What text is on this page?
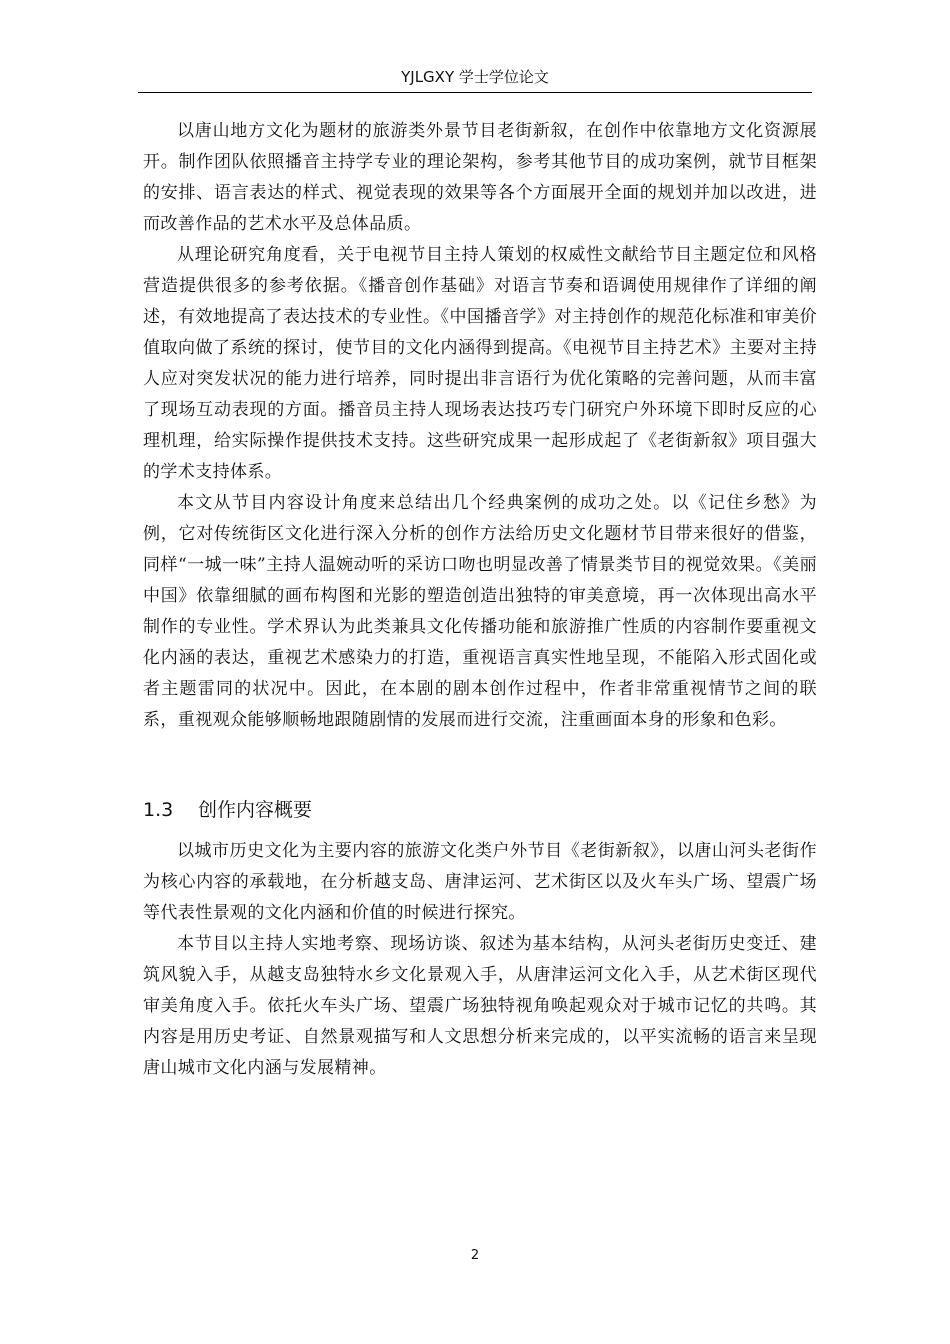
YJLGXY 学士学位论文

以唐山地方文化为题材的旅游类外景节目老街新叙，在创作中依靠地方文化资源展开。制作团队依照播音主持学专业的理论架构，参考其他节目的成功案例，就节目框架的安排、语言表达的样式、视觉表现的效果等各个方面展开全面的规划并加以改进，进而改善作品的艺术水平及总体品质。

从理论研究角度看，关于电视节目主持人策划的权威性文献给节目主题定位和风格营造提供很多的参考依据。《播音创作基础》对语言节奏和语调使用规律作了详细的阐述，有效地提高了表达技术的专业性。《中国播音学》对主持创作的规范化标准和审美价值取向做了系统的探讨，使节目的文化内涵得到提高。《电视节目主持艺术》主要对主持人应对突发状况的能力进行培养，同时提出非言语行为优化策略的完善问题，从而丰富了现场互动表现的方面。播音员主持人现场表达技巧专门研究户外环境下即时反应的心理机理，给实际操作提供技术支持。这些研究成果一起形成起了《老街新叙》项目强大的学术支持体系。

本文从节目内容设计角度来总结出几个经典案例的成功之处。以《记住乡愁》为例，它对传统街区文化进行深入分析的创作方法给历史文化题材节目带来很好的借鉴，同样“一城一味”主持人温婉动听的采访口吻也明显改善了情景类节目的视觉效果。《美丽中国》依靠细腻的画布构图和光影的塑造创造出独特的审美意境，再一次体现出高水平制作的专业性。学术界认为此类兼具文化传播功能和旅游推广性质的内容制作要重视文化内涵的表达，重视艺术感染力的打造，重视语言真实性地呈现，不能陷入形式固化或者主题雷同的状况中。因此，在本剧的剧本创作过程中，作者非常重视情节之间的联系，重视观众能够顺畅地跟随剧情的发展而进行交流，注重画面本身的形象和色彩。

1.3 创作内容概要

以城市历史文化为主要内容的旅游文化类户外节目《老街新叙》，以唐山河头老街作为核心内容的承载地，在分析越支岛、唐津运河、艺术街区以及火车头广场、望震广场等代表性景观的文化内涵和价值的时候进行探究。

本节目以主持人实地考察、现场访谈、叙述为基本结构，从河头老街历史变迁、建筑风貌入手，从越支岛独特水乡文化景观入手，从唐津运河文化入手，从艺术街区现代审美角度入手。依托火车头广场、望震广场独特视角唤起观众对于城市记忆的共鸣。其内容是用历史考证、自然景观描写和人文思想分析来完成的，以平实流畅的语言来呈现唐山城市文化内涵与发展精神。

2
